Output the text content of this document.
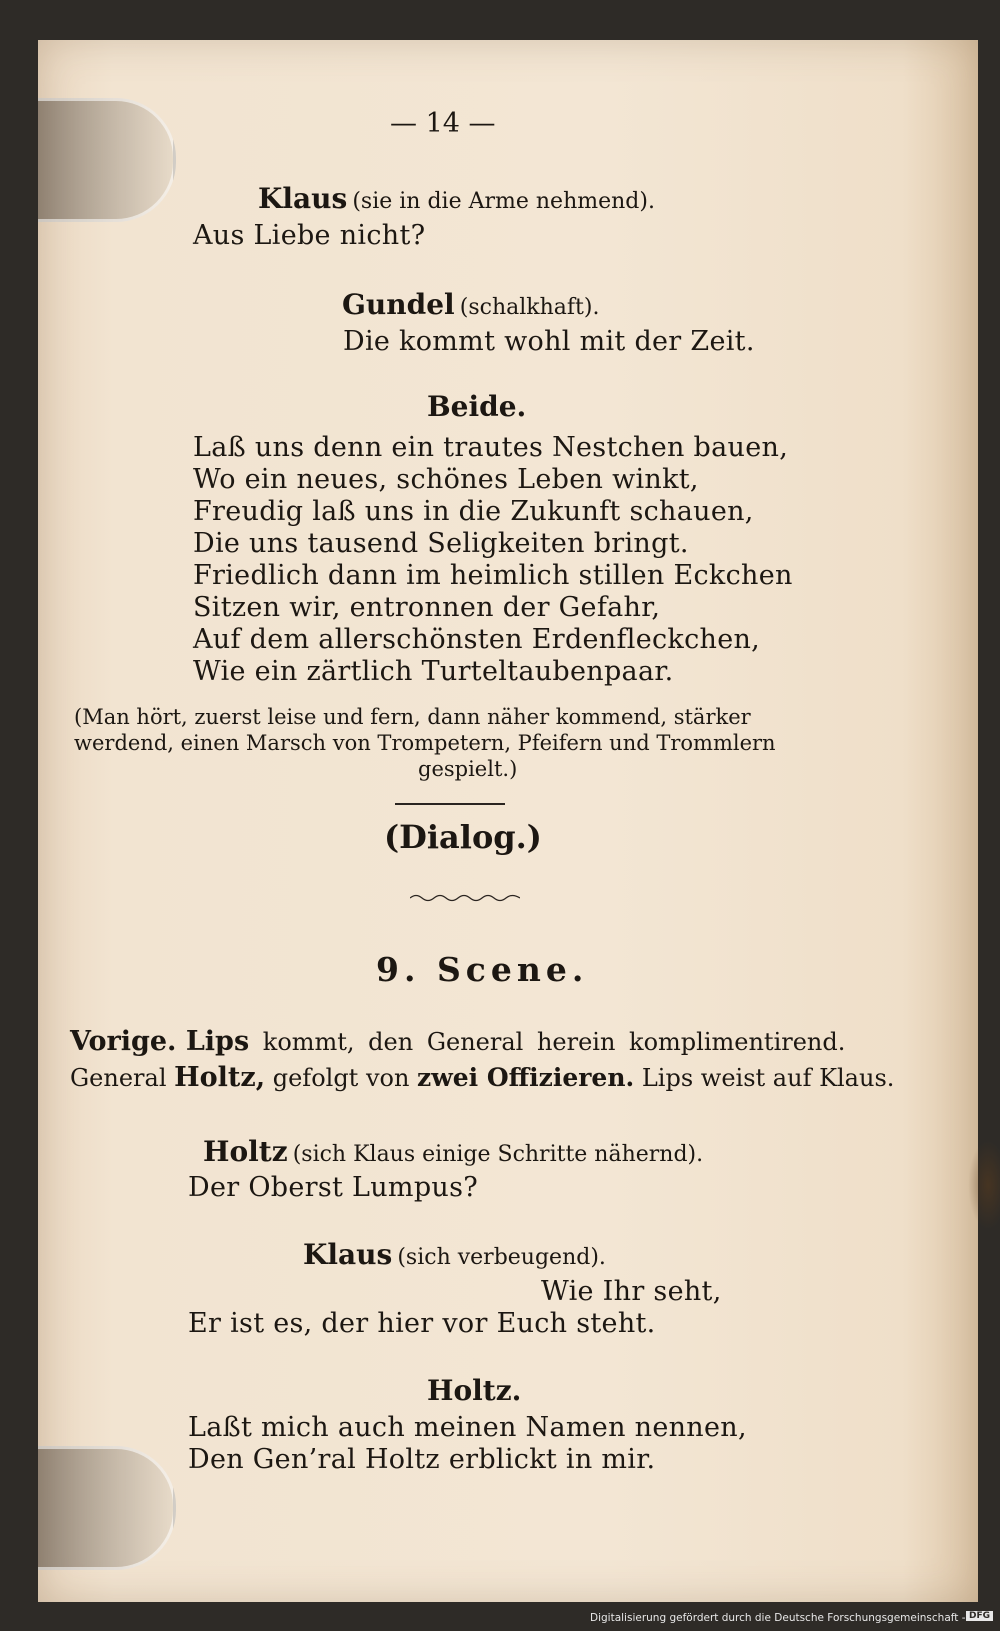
— 14 —
Klaus (sie in die Arme nehmend).
Aus Liebe nicht?
Gundel (schalkhaft).
Die kommt wohl mit der Zeit.
Beide.
Laß uns denn ein trautes Nestchen bauen,
Wo ein neues, schönes Leben winkt,
Freudig laß uns in die Zukunft schauen,
Die uns tausend Seligkeiten bringt.
Friedlich dann im heimlich stillen Eckchen
Sitzen wir, entronnen der Gefahr,
Auf dem allerschönsten Erdenfleckchen,
Wie ein zärtlich Turteltaubenpaar.
(Man hört, zuerst leise und fern, dann näher kommend, stärker
werdend, einen Marsch von Trompetern, Pfeifern und Trommlern
gespielt.)
(Dialog.)
9. Scene.
Vorige. Lips kommt, den General herein komplimentirend.
General Holtz, gefolgt von zwei Offizieren. Lips weist auf Klaus.
Holtz (sich Klaus einige Schritte nähernd).
Der Oberst Lumpus?
Klaus (sich verbeugend).
Wie Ihr seht,
Er ist es, der hier vor Euch steht.
Holtz.
Laßt mich auch meinen Namen nennen,
Den Gen’ral Holtz erblickt in mir.
Digitalisierung gefördert durch die Deutsche Forschungsgemeinschaft - DFG
